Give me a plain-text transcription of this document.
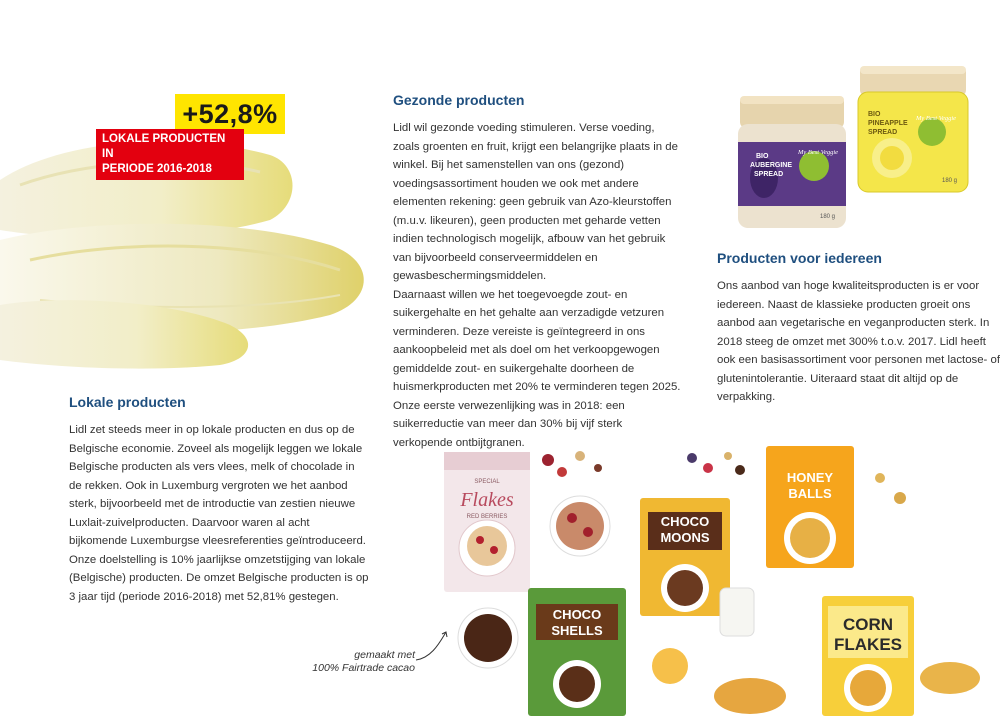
+52,8%
LOKALE PRODUCTEN IN
PERIODE 2016-2018
Gezonde producten

Lidl wil gezonde voeding stimuleren. Verse voeding, zoals groenten en fruit, krijgt een belangrijke plaats in de winkel. Bij het samenstellen van ons (gezond) voedingsassortiment houden we ook met andere elementen rekening: geen gebruik van Azo-kleurstoffen (m.u.v. likeuren), geen producten met geharde vetten indien technologisch mogelijk, afbouw van het gebruik van bijvoorbeeld conserveermiddelen en gewasbeschermingsmiddelen.

Daarnaast willen we het toegevoegde zout- en suikergehalte en het gehalte aan verzadigde vetzuren verminderen. Deze vereiste is geïntegreerd in ons aankoopbeleid met als doel om het verkoopgewogen gemiddelde zout- en suikergehalte doorheen de huismerkproducten met 20% te verminderen tegen 2025.

Onze eerste verwezenlijking was in 2018: een suikerreductie van meer dan 30% bij vijf sterk verkopende ontbijtgranen.

Lokale producten

Lidl zet steeds meer in op lokale producten en dus op de Belgische economie. Zoveel als mogelijk leggen we lokale Belgische producten als vers vlees, melk of chocolade in de rekken. Ook in Luxemburg vergroten we het aanbod sterk, bijvoorbeeld met de introductie van zestien nieuwe Luxlait-zuivelproducten. Daarvoor waren al acht bijkomende Luxemburgse vleesreferenties geïntroduceerd.

Onze doelstelling is 10% jaarlijkse omzetstijging van lokale (Belgische) producten. De omzet Belgische producten is op 3 jaar tijd (periode 2016-2018) met 52,81% gestegen.

BIO
PINEAPPLE
SPREAD
My Best Veggie
180 g
BIO
AUBERGINE
SPREAD
My Best Veggie
180 g
Producten voor iedereen

Ons aanbod van hoge kwaliteitsproducten is er voor iedereen. Naast de klassieke producten groeit ons aanbod aan vegetarische en veganproducten sterk. In 2018 steeg de omzet met 300% t.o.v. 2017. Lidl heeft ook een basisassortiment voor personen met lactose- of glutenintolerantie. Uiteraard staat dit altijd op de verpakking.

SPECIAL
Flakes
RED BERRIES	CHOCO
MOONS
HONEY
BALLS
CHOCO
SHELLS	CORN
FLAKES
gemaakt met
100% Fairtrade cacao
